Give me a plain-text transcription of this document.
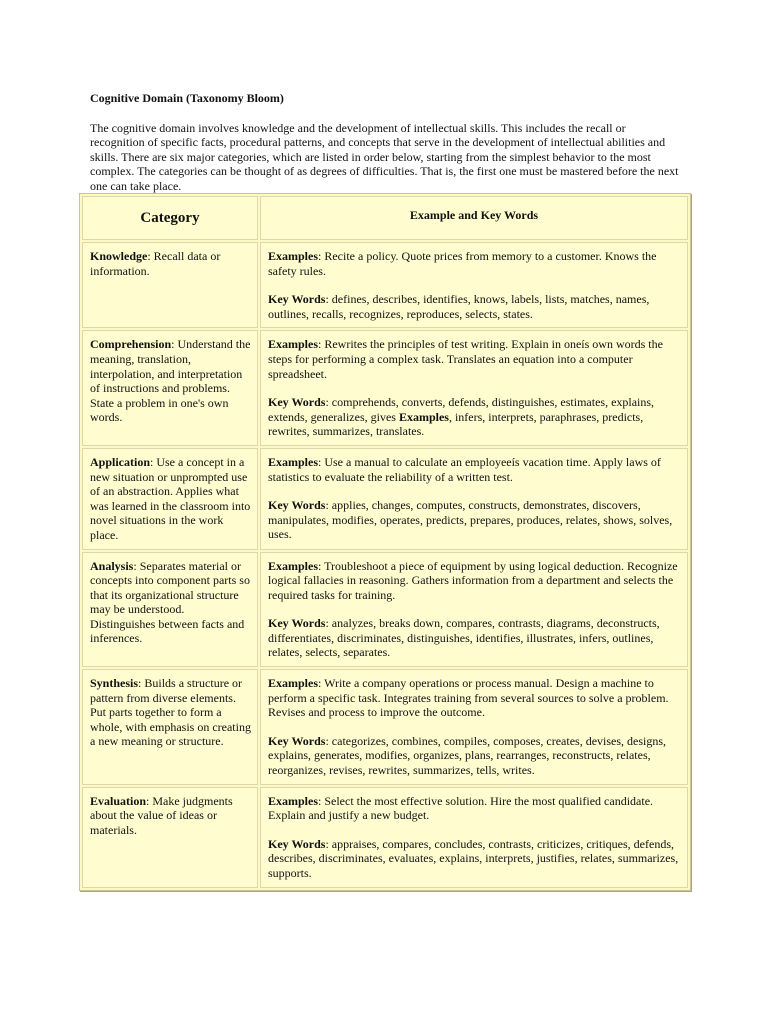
Cognitive Domain (Taxonomy Bloom)

The cognitive domain involves knowledge and the development of intellectual skills. This includes the recall or recognition of specific facts, procedural patterns, and concepts that serve in the development of intellectual abilities and skills. There are six major categories, which are listed in order below, starting from the simplest behavior to the most complex. The categories can be thought of as degrees of difficulties. That is, the first one must be mastered before the next one can take place.

Category	Example and Key Words
Knowledge: Recall data or information.	Examples: Recite a policy. Quote prices from memory to a customer. Knows the safety rules.

Key Words: defines, describes, identifies, knows, labels, lists, matches, names, outlines, recalls, recognizes, reproduces, selects, states.

Comprehension: Understand the meaning, translation, interpolation, and interpretation of instructions and problems. State a problem in one's own words.	Examples: Rewrites the principles of test writing. Explain in oneís own words the steps for performing a complex task. Translates an equation into a computer spreadsheet.

Key Words: comprehends, converts, defends, distinguishes, estimates, explains, extends, generalizes, gives Examples, infers, interprets, paraphrases, predicts, rewrites, summarizes, translates.

Application: Use a concept in a new situation or unprompted use of an abstraction. Applies what was learned in the classroom into novel situations in the work place.	Examples: Use a manual to calculate an employeeís vacation time. Apply laws of statistics to evaluate the reliability of a written test.

Key Words: applies, changes, computes, constructs, demonstrates, discovers, manipulates, modifies, operates, predicts, prepares, produces, relates, shows, solves, uses.

Analysis: Separates material or concepts into component parts so that its organizational structure may be understood. Distinguishes between facts and inferences.	Examples: Troubleshoot a piece of equipment by using logical deduction. Recognize logical fallacies in reasoning. Gathers information from a department and selects the required tasks for training.

Key Words: analyzes, breaks down, compares, contrasts, diagrams, deconstructs, differentiates, discriminates, distinguishes, identifies, illustrates, infers, outlines, relates, selects, separates.

Synthesis: Builds a structure or pattern from diverse elements. Put parts together to form a whole, with emphasis on creating a new meaning or structure.	Examples: Write a company operations or process manual. Design a machine to perform a specific task. Integrates training from several sources to solve a problem. Revises and process to improve the outcome.

Key Words: categorizes, combines, compiles, composes, creates, devises, designs, explains, generates, modifies, organizes, plans, rearranges, reconstructs, relates, reorganizes, revises, rewrites, summarizes, tells, writes.

Evaluation: Make judgments about the value of ideas or materials.	Examples: Select the most effective solution. Hire the most qualified candidate. Explain and justify a new budget.

Key Words: appraises, compares, concludes, contrasts, criticizes, critiques, defends, describes, discriminates, evaluates, explains, interprets, justifies, relates, summarizes, supports.
